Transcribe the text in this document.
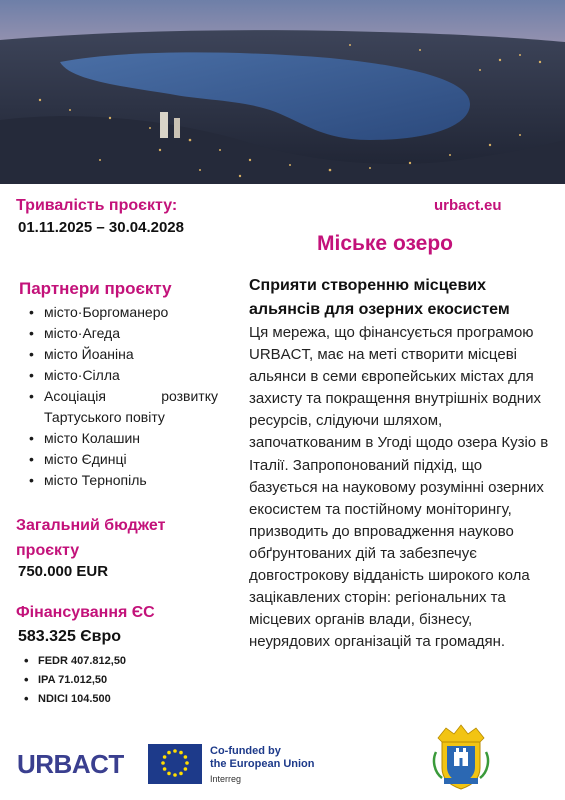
Тривалість проєкту:
01.11.2025 – 30.04.2028
urbact.eu
Міське озеро
Партнери проєкту
• місто·Боргоманеро
• місто·Агеда
• місто Йоаніна
• місто·Сілла
• Асоціація розвитку Тартуського повіту
• місто Колашин
• місто Єдинці
• місто Тернопіль
Загальний бюджет проєкту
750.000 EUR
Фінансування ЄС
583.325 Євро
• FEDR 407.812,50
• IPA 71.012,50
• NDICI 104.500
Сприяти створенню місцевих альянсів для озерних екосистем
Ця мережа, що фінансується програмою URBACT, має на меті створити місцеві альянси в семи європейських містах для захисту та покращення внутрішніх водних ресурсів, слідуючи шляхом, започаткованим в Угоді щодо озера Кузіо в Італії. Запропонований підхід, що базується на науковому розумінні озерних екосистем та постійному моніторингу, призводить до впровадження науково обґрунтованих дій та забезпечує довгострокову відданість широкого кола зацікавлених сторін: регіональних та місцевих органів влади, бізнесу, неурядових організацій та громадян.
URBACT	Co-funded by
the European Union
Interreg
